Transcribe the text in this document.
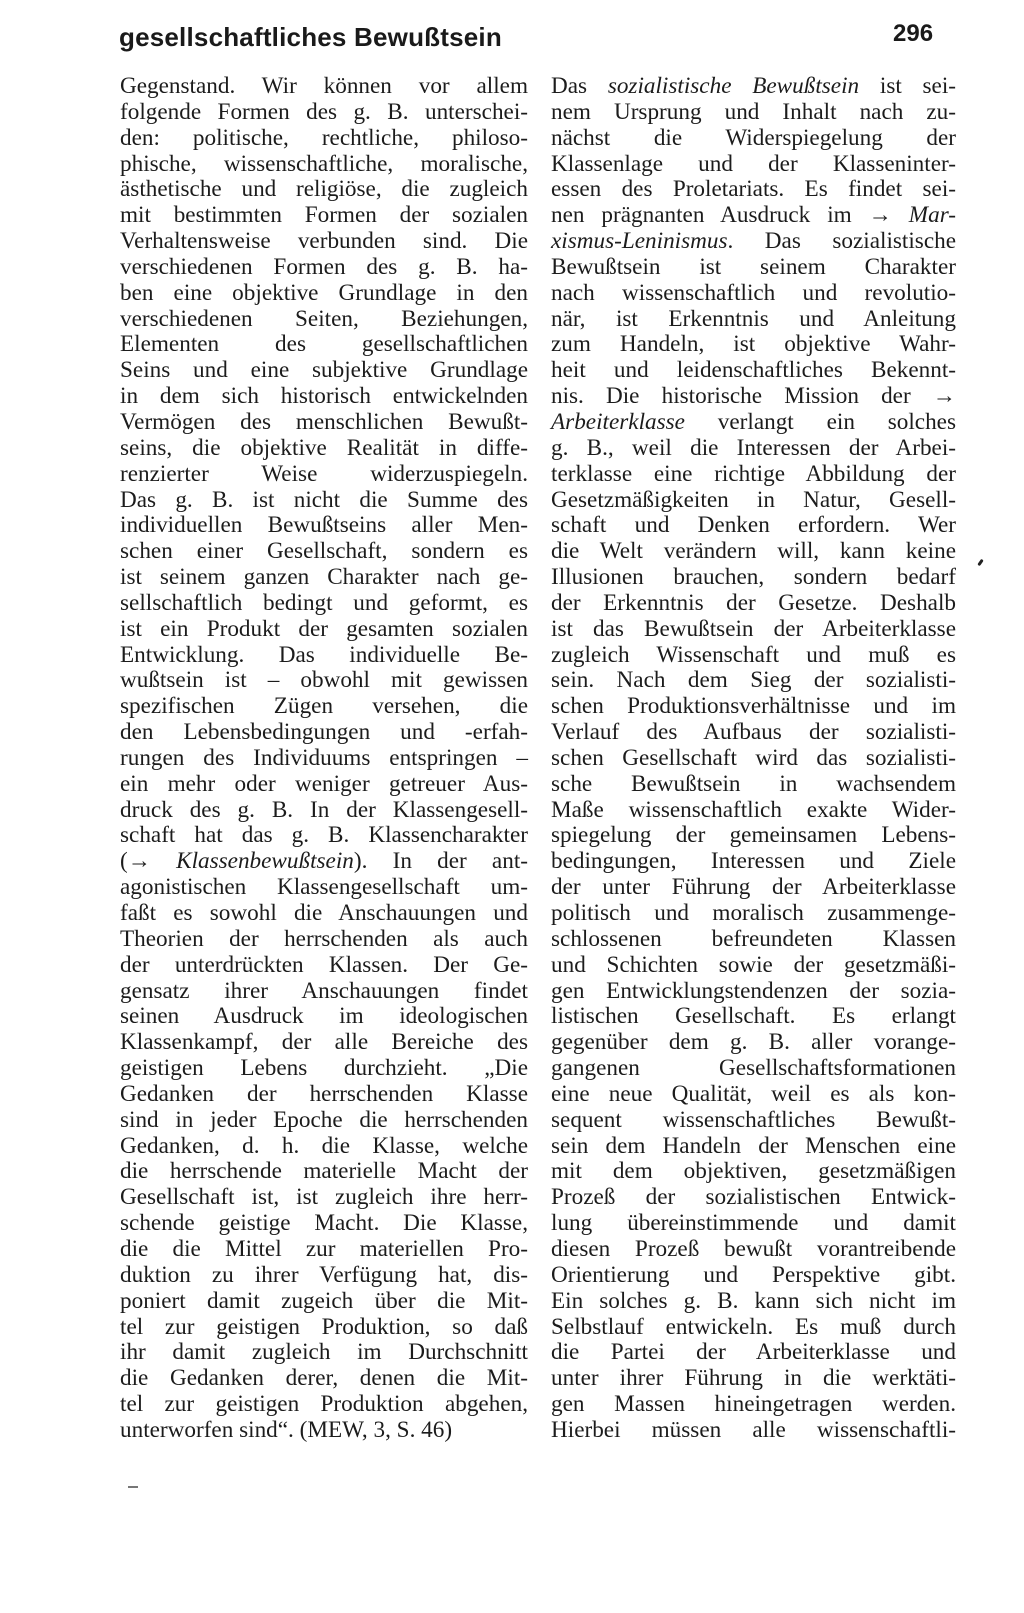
gesellschaftliches Bewußtsein	296
Gegenstand. Wir können vor allem
folgende Formen des g. B. unterschei-
den: politische, rechtliche, philoso-
phische, wissenschaftliche, moralische,
ästhetische und religiöse, die zugleich
mit bestimmten Formen der sozialen
Verhaltensweise verbunden sind. Die
verschiedenen Formen des g. B. ha-
ben eine objektive Grundlage in den
verschiedenen Seiten, Beziehungen,
Elementen des gesellschaftlichen
Seins und eine subjektive Grundlage
in dem sich historisch entwickelnden
Vermögen des menschlichen Bewußt-
seins, die objektive Realität in diffe-
renzierter Weise widerzuspiegeln.
Das g. B. ist nicht die Summe des
individuellen Bewußtseins aller Men-
schen einer Gesellschaft, sondern es
ist seinem ganzen Charakter nach ge-
sellschaftlich bedingt und geformt, es
ist ein Produkt der gesamten sozialen
Entwicklung. Das individuelle Be-
wußtsein ist – obwohl mit gewissen
spezifischen Zügen versehen, die
den Lebensbedingungen und -erfah-
rungen des Individuums entspringen –
ein mehr oder weniger getreuer Aus-
druck des g. B. In der Klassengesell-
schaft hat das g. B. Klassencharakter
(→ Klassenbewußtsein). In der ant-
agonistischen Klassengesellschaft um-
faßt es sowohl die Anschauungen und
Theorien der herrschenden als auch
der unterdrückten Klassen. Der Ge-
gensatz ihrer Anschauungen findet
seinen Ausdruck im ideologischen
Klassenkampf, der alle Bereiche des
geistigen Lebens durchzieht. „Die
Gedanken der herrschenden Klasse
sind in jeder Epoche die herrschenden
Gedanken, d. h. die Klasse, welche
die herrschende materielle Macht der
Gesellschaft ist, ist zugleich ihre herr-
schende geistige Macht. Die Klasse,
die die Mittel zur materiellen Pro-
duktion zu ihrer Verfügung hat, dis-
poniert damit zugeich über die Mit-
tel zur geistigen Produktion, so daß
ihr damit zugleich im Durchschnitt
die Gedanken derer, denen die Mit-
tel zur geistigen Produktion abgehen,
unterworfen sind“. (MEW, 3, S. 46)
Das sozialistische Bewußtsein ist sei-
nem Ursprung und Inhalt nach zu-
nächst die Widerspiegelung der
Klassenlage und der Klasseninter-
essen des Proletariats. Es findet sei-
nen prägnanten Ausdruck im → Mar-
xismus-Leninismus. Das sozialistische
Bewußtsein ist seinem Charakter
nach wissenschaftlich und revolutio-
när, ist Erkenntnis und Anleitung
zum Handeln, ist objektive Wahr-
heit und leidenschaftliches Bekennt-
nis. Die historische Mission der →
Arbeiterklasse verlangt ein solches
g. B., weil die Interessen der Arbei-
terklasse eine richtige Abbildung der
Gesetzmäßigkeiten in Natur, Gesell-
schaft und Denken erfordern. Wer
die Welt verändern will, kann keine
Illusionen brauchen, sondern bedarf
der Erkenntnis der Gesetze. Deshalb
ist das Bewußtsein der Arbeiterklasse
zugleich Wissenschaft und muß es
sein. Nach dem Sieg der sozialisti-
schen Produktionsverhältnisse und im
Verlauf des Aufbaus der sozialisti-
schen Gesellschaft wird das sozialisti-
sche Bewußtsein in wachsendem
Maße wissenschaftlich exakte Wider-
spiegelung der gemeinsamen Lebens-
bedingungen, Interessen und Ziele
der unter Führung der Arbeiterklasse
politisch und moralisch zusammenge-
schlossenen befreundeten Klassen
und Schichten sowie der gesetzmäßi-
gen Entwicklungstendenzen der sozia-
listischen Gesellschaft. Es erlangt
gegenüber dem g. B. aller vorange-
gangenen Gesellschaftsformationen
eine neue Qualität, weil es als kon-
sequent wissenschaftliches Bewußt-
sein dem Handeln der Menschen eine
mit dem objektiven, gesetzmäßigen
Prozeß der sozialistischen Entwick-
lung übereinstimmende und damit
diesen Prozeß bewußt vorantreibende
Orientierung und Perspektive gibt.
Ein solches g. B. kann sich nicht im
Selbstlauf entwickeln. Es muß durch
die Partei der Arbeiterklasse und
unter ihrer Führung in die werktäti-
gen Massen hineingetragen werden.
Hierbei müssen alle wissenschaftli-
